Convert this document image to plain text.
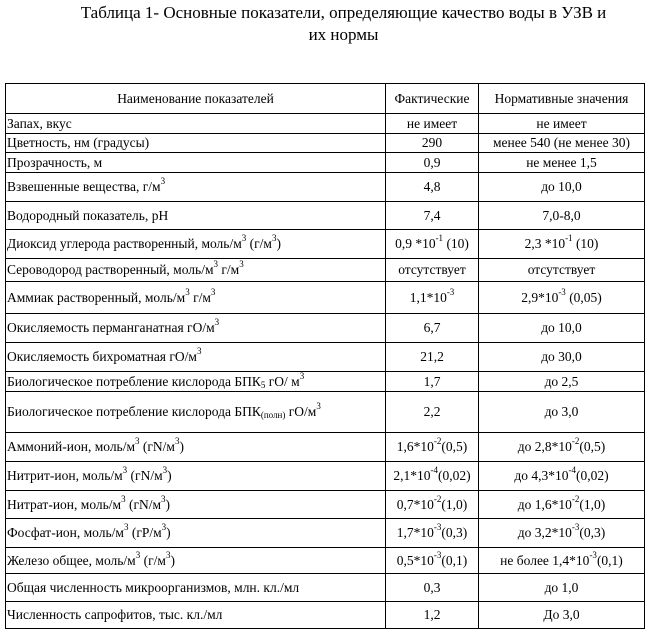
Таблица 1- Основные показатели, определяющие качество воды в УЗВ и
их нормы
Наименование показателей	Фактические	Нормативные значения
Запах, вкус	не имеет	не имеет
Цветность, нм (градусы)	290	менее 540 (не менее 30)
Прозрачность, м	0,9	не менее 1,5
Взвешенные вещества, $г/м^3$	4,8	до 10,0
Водородный показатель, pH	7,4	7,0-8,0
Диоксид углерода растворенный, моль/$м^3$ $(г/м^3)$	0,9 $*10^{-1}$ (10)	2,3 $*10^{-1}$ (10)
Сероводород растворенный, моль/$м^3$ $г/м^3$	отсутствует	отсутствует
Аммиак растворенный, моль/$м^3$ $г/м^3$	$1,1*10^{-3}$	$2,9*10^{-3}$ (0,05)
Окисляемость перманганатная $гО/м^3$	6,7	до 10,0
Окисляемость бихроматная $гО/м^3$	21,2	до 30,0
Биологическое потребление кислорода $БПК_5$ гО/ $м^3$	1,7	до 2,5
Биологическое потребление кислорода $БПК_{(полн)}$ $гО/м^3$	2,2	до 3,0
Аммоний-ион, моль/$м^3$ $(гN/м^3)$	$1,6*10^{-2}(0,5)$	до $2,8*10^{-2}(0,5)$
Нитрит-ион, моль/$м^3$ $(гN/м^3)$	$2,1*10^{-4}(0,02)$	до $4,3*10^{-4}(0,02)$
Нитрат-ион, моль/$м^3$ $(гN/м^3)$	$0,7*10^{-2}(1,0)$	до $1,6*10^{-2}(1,0)$
Фосфат-ион, моль/$м^3$ $(гP/м^3)$	$1,7*10^{-3}(0,3)$	до $3,2*10^{-3}(0,3)$
Железо общее, моль/$м^3$ $(г/м^3)$	$0,5*10^{-3}(0,1)$	не более $1,4*10^{-3}(0,1)$
Общая численность микроорганизмов, млн. кл./мл	0,3	до 1,0
Численность сапрофитов, тыс. кл./мл	1,2	До 3,0
